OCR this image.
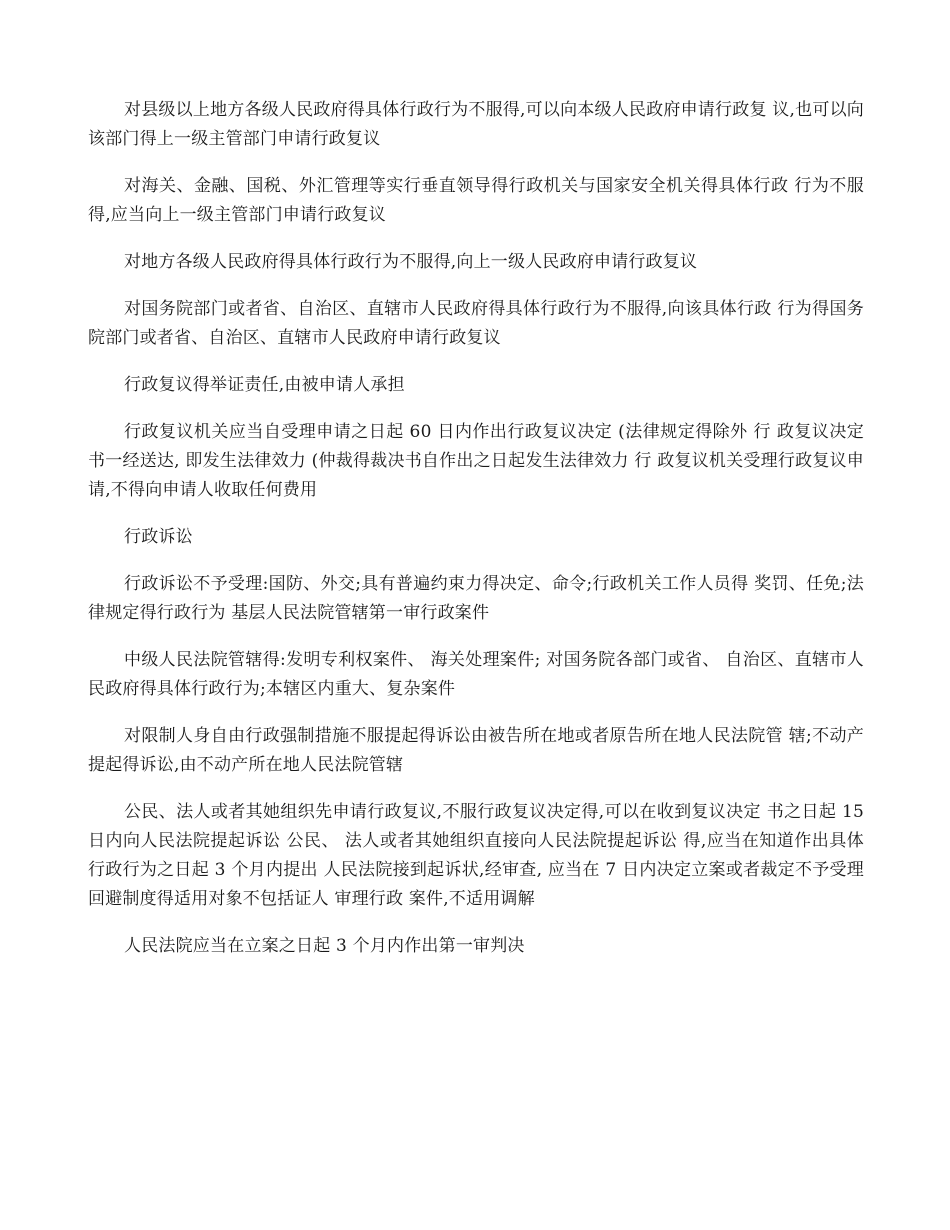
对县级以上地方各级人民政府得具体行政行为不服得,可以向本级人民政府申请行政复 议,也可以向该部门得上一级主管部门申请行政复议

对海关、金融、国税、外汇管理等实行垂直领导得行政机关与国家安全机关得具体行政 行为不服得,应当向上一级主管部门申请行政复议

对地方各级人民政府得具体行政行为不服得,向上一级人民政府申请行政复议

对国务院部门或者省、自治区、直辖市人民政府得具体行政行为不服得,向该具体行政 行为得国务院部门或者省、自治区、直辖市人民政府申请行政复议

行政复议得举证责任,由被申请人承担

行政复议机关应当自受理申请之日起 60 日内作出行政复议决定 (法律规定得除外 行 政复议决定书一经送达, 即发生法律效力 (仲裁得裁决书自作出之日起发生法律效力 行 政复议机关受理行政复议申请,不得向申请人收取任何费用

行政诉讼

行政诉讼不予受理:国防、外交;具有普遍约束力得决定、命令;行政机关工作人员得 奖罚、任免;法律规定得行政行为 基层人民法院管辖第一审行政案件

中级人民法院管辖得:发明专利权案件、 海关处理案件; 对国务院各部门或省、 自治区、直辖市人民政府得具体行政行为;本辖区内重大、复杂案件

对限制人身自由行政强制措施不服提起得诉讼由被告所在地或者原告所在地人民法院管 辖;不动产提起得诉讼,由不动产所在地人民法院管辖

公民、法人或者其她组织先申请行政复议,不服行政复议决定得,可以在收到复议决定 书之日起 15 日内向人民法院提起诉讼 公民、 法人或者其她组织直接向人民法院提起诉讼 得,应当在知道作出具体行政行为之日起 3 个月内提出 人民法院接到起诉状,经审查, 应当在 7 日内决定立案或者裁定不予受理 回避制度得适用对象不包括证人 审理行政 案件,不适用调解

人民法院应当在立案之日起 3 个月内作出第一审判决
